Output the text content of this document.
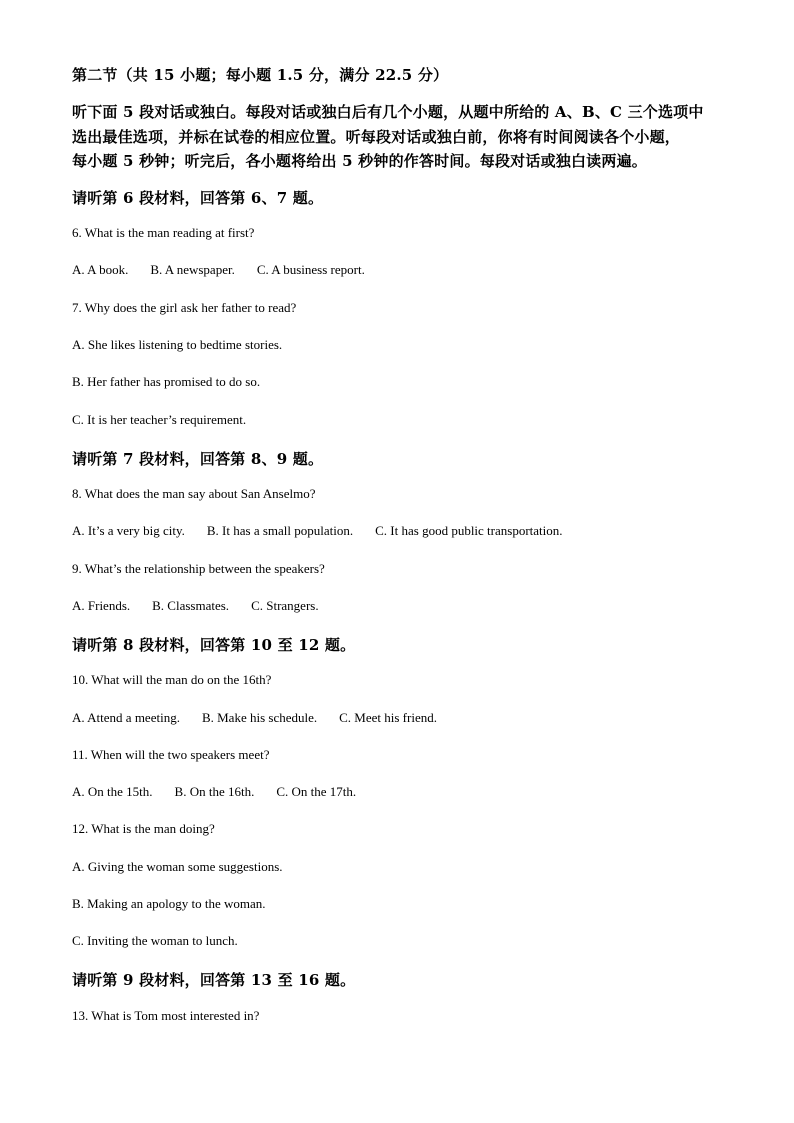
第二节（共 15 小题；每小题 1.5 分，满分 22.5 分）
听下面 5 段对话或独白。每段对话或独白后有几个小题，从题中所给的 A、B、C 三个选项中
选出最佳选项，并标在试卷的相应位置。听每段对话或独白前，你将有时间阅读各个小题，
每小题 5 秒钟；听完后，各小题将给出 5 秒钟的作答时间。每段对话或独白读两遍。
请听第 6 段材料，回答第 6、7 题。
6. What is the man reading at first?
A. A book. B. A newspaper. C. A business report.
7. Why does the girl ask her father to read?
A. She likes listening to bedtime stories.
B. Her father has promised to do so.
C. It is her teacher’s requirement.
请听第 7 段材料，回答第 8、9 题。
8. What does the man say about San Anselmo?
A. It’s a very big city. B. It has a small population. C. It has good public transportation.
9. What’s the relationship between the speakers?
A. Friends. B. Classmates. C. Strangers.
请听第 8 段材料，回答第 10 至 12 题。
10. What will the man do on the 16th?
A. Attend a meeting. B. Make his schedule. C. Meet his friend.
11. When will the two speakers meet?
A. On the 15th. B. On the 16th. C. On the 17th.
12. What is the man doing?
A. Giving the woman some suggestions.
B. Making an apology to the woman.
C. Inviting the woman to lunch.
请听第 9 段材料，回答第 13 至 16 题。
13. What is Tom most interested in?
